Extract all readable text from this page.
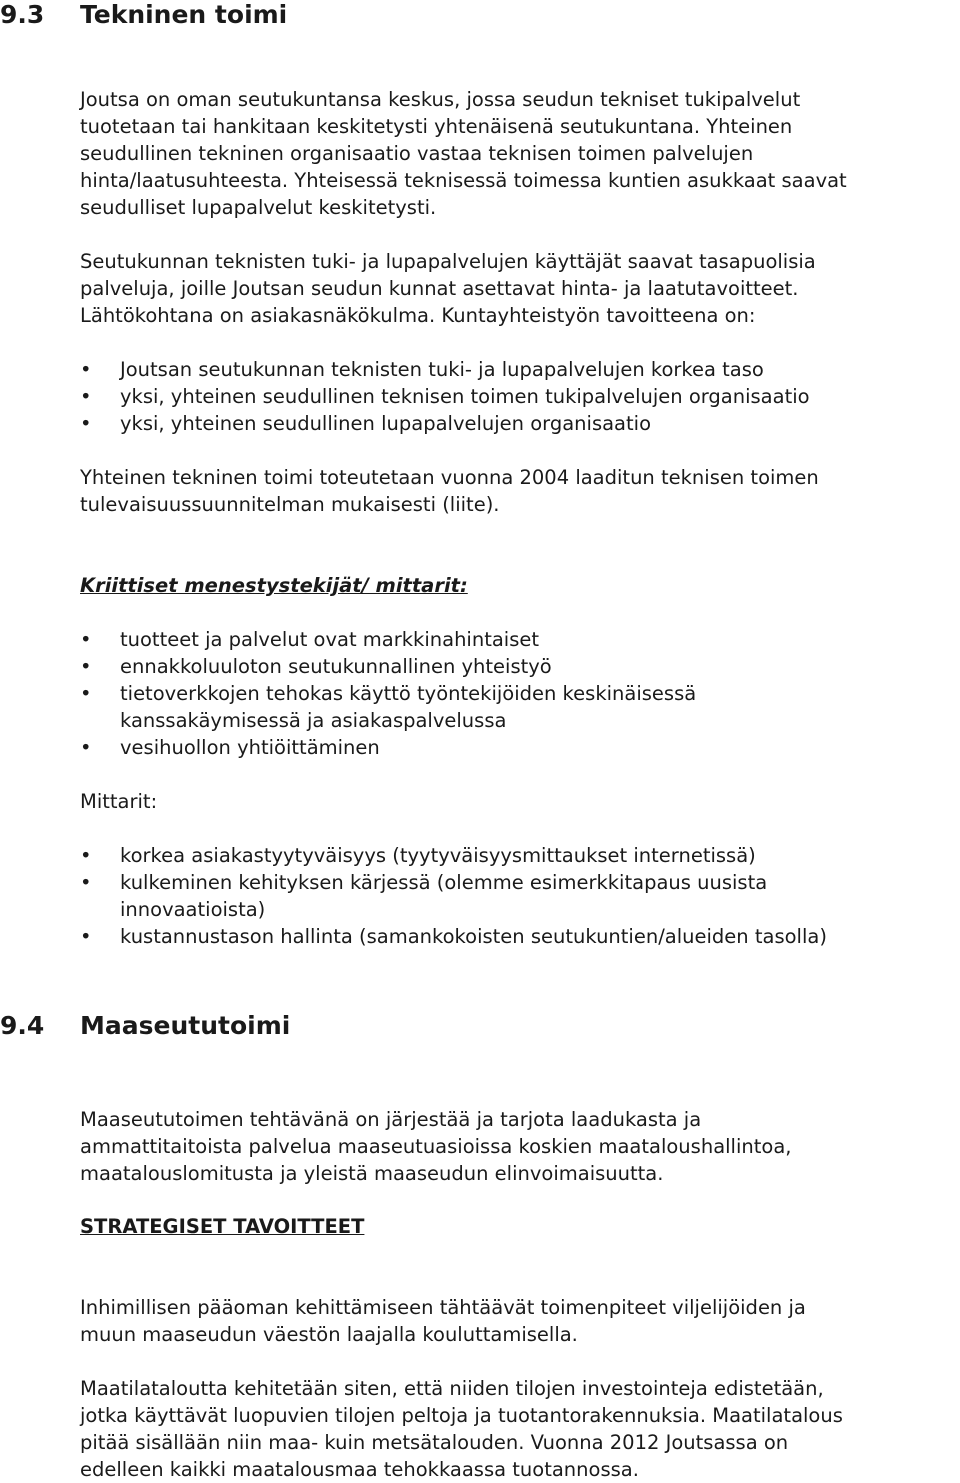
9.3 Tekninen toimi

Joutsa on oman seutukuntansa keskus, jossa seudun tekniset tukipalvelut
tuotetaan tai hankitaan keskitetysti yhtenäisenä seutukuntana. Yhteinen
seudullinen tekninen organisaatio vastaa teknisen toimen palvelujen
hinta/laatusuhteesta. Yhteisessä teknisessä toimessa kuntien asukkaat saavat
seudulliset lupapalvelut keskitetysti.

Seutukunnan teknisten tuki- ja lupapalvelujen käyttäjät saavat tasapuolisia
palveluja, joille Joutsan seudun kunnat asettavat hinta- ja laatutavoitteet.
Lähtökohtana on asiakasnäkökulma. Kuntayhteistyön tavoitteena on:

• Joutsan seutukunnan teknisten tuki- ja lupapalvelujen korkea taso
• yksi, yhteinen seudullinen teknisen toimen tukipalvelujen organisaatio
• yksi, yhteinen seudullinen lupapalvelujen organisaatio

Yhteinen tekninen toimi toteutetaan vuonna 2004 laaditun teknisen toimen
tulevaisuussuunnitelman mukaisesti (liite).

Kriittiset menestystekijät/ mittarit:

• tuotteet ja palvelut ovat markkinahintaiset
• ennakkoluuloton seutukunnallinen yhteistyö
• tietoverkkojen tehokas käyttö työntekijöiden keskinäisessä
kanssakäymisessä ja asiakaspalvelussa
• vesihuollon yhtiöittäminen

Mittarit:

• korkea asiakastyytyväisyys (tyytyväisyysmittaukset internetissä)
• kulkeminen kehityksen kärjessä (olemme esimerkkitapaus uusista
innovaatioista)
• kustannustason hallinta (samankokoisten seutukuntien/alueiden tasolla)
9.4 Maaseututoimi

Maaseututoimen tehtävänä on järjestää ja tarjota laadukasta ja
ammattitaitoista palvelua maaseutuasioissa koskien maataloushallintoa,
maatalouslomitusta ja yleistä maaseudun elinvoimaisuutta.

STRATEGISET TAVOITTEET

Inhimillisen pääoman kehittämiseen tähtäävät toimenpiteet viljelijöiden ja
muun maaseudun väestön laajalla kouluttamisella.

Maatilataloutta kehitetään siten, että niiden tilojen investointeja edistetään,
jotka käyttävät luopuvien tilojen peltoja ja tuotantorakennuksia. Maatilatalous
pitää sisällään niin maa- kuin metsätalouden. Vuonna 2012 Joutsassa on
edelleen kaikki maatalousmaa tehokkaassa tuotannossa.
